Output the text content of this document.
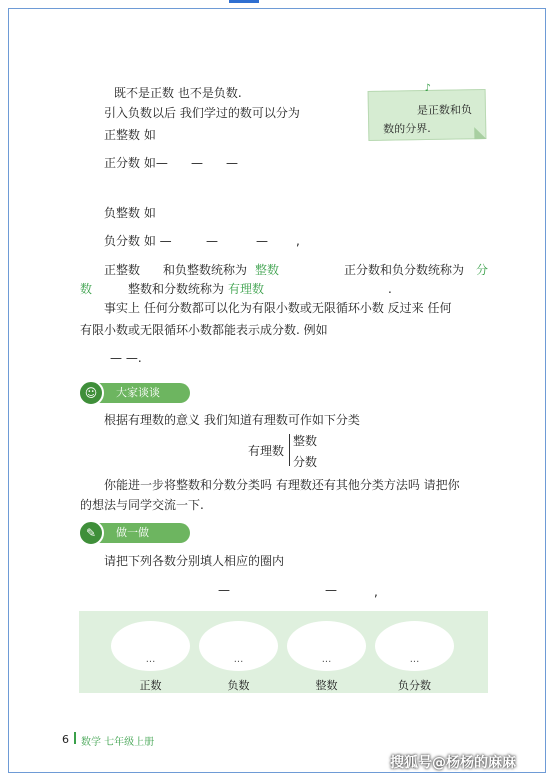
既不是正数 也不是负数.
引入负数以后 我们学过的数可以分为
正整数 如
正分数 如— — —
♪
是正数和负
数的分界.
负整数 如
负分数 如 —	—	— ,
正整数 和负整数统称为 整数	正分数和负分数统称为 分
数	整数和分数统称为 有理数	.
事实上 任何分数都可以化为有限小数或无限循环小数 反过来 任何
有限小数或无限循环小数都能表示成分数. 例如
— —.
☺	大家谈谈
根据有理数的意义 我们知道有理数可作如下分类
有理数
整数
分数
你能进一步将整数和分数分类吗 有理数还有其他分类方法吗 请把你
的想法与同学交流一下.
✎	做一做
请把下列各数分别填人相应的圈内
—	—	,
...	...	...	...
正数	负数	整数	负分数
6 数学 七年级上册
搜狐号@杨杨的麻麻
